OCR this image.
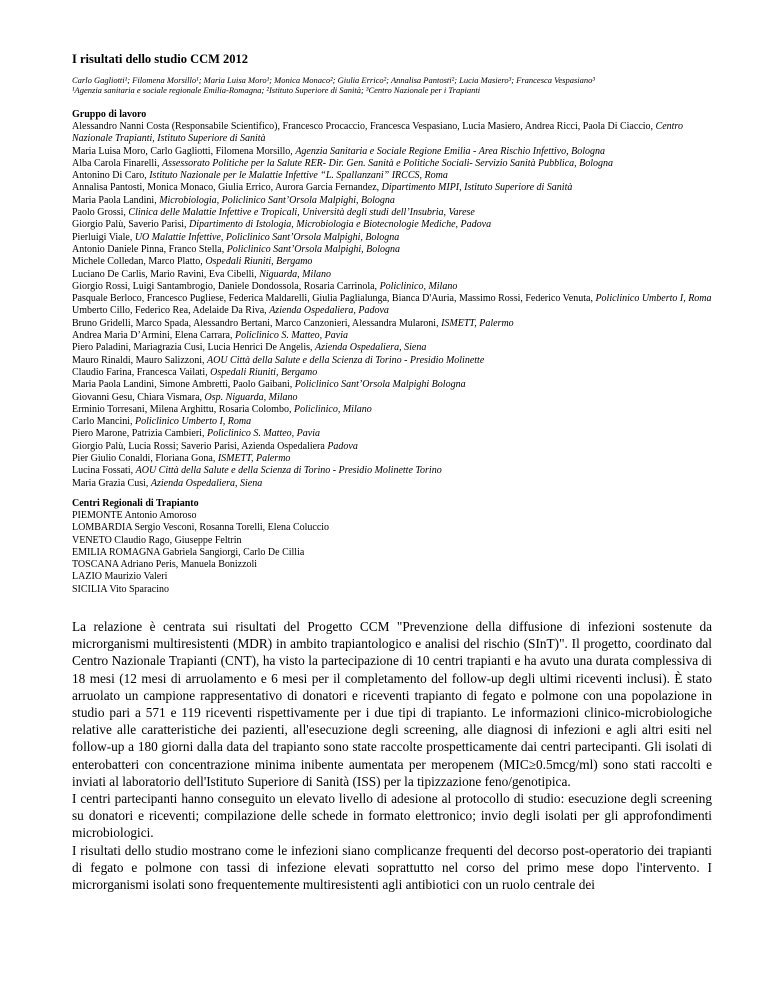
I risultati dello studio CCM 2012
Carlo Gagliotti¹; Filomena Morsillo¹; Maria Luisa Moro¹; Monica Monaco²; Giulia Errico²; Annalisa Pantosti²; Lucia Masiero³; Francesca Vespasiano³
¹Agenzia sanitaria e sociale regionale Emilia-Romagna; ²Istituto Superiore di Sanità; ³Centro Nazionale per i Trapianti
Gruppo di lavoro
Alessandro Nanni Costa (Responsabile Scientifico), Francesco Procaccio, Francesca Vespasiano, Lucia Masiero, Andrea Ricci, Paola Di Ciaccio, Centro Nazionale Trapianti, Istituto Superiore di Sanità
Maria Luisa Moro, Carlo Gagliotti, Filomena Morsillo, Agenzia Sanitaria e Sociale Regione Emilia - Area Rischio Infettivo, Bologna
Alba Carola Finarelli, Assessorato Politiche per la Salute RER- Dir. Gen. Sanità e Politiche Sociali- Servizio Sanità Pubblica, Bologna
Antonino Di Caro, Istituto Nazionale per le Malattie Infettive “L. Spallanzani” IRCCS, Roma
Annalisa Pantosti, Monica Monaco, Giulia Errico, Aurora Garcia Fernandez, Dipartimento MIPI, Istituto Superiore di Sanità
Maria Paola Landini, Microbiologia, Policlinico Sant’Orsola Malpighi, Bologna
Paolo Grossi, Clinica delle Malattie Infettive e Tropicali, Università degli studi dell’Insubria, Varese
Giorgio Palù, Saverio Parisi, Dipartimento di Istologia, Microbiologia e Biotecnologie Mediche, Padova
Pierluigi Viale, UO Malattie Infettive, Policlinico Sant’Orsola Malpighi, Bologna
Antonio Daniele Pinna, Franco Stella, Policlinico Sant’Orsola Malpighi, Bologna
Michele Colledan, Marco Platto, Ospedali Riuniti, Bergamo
Luciano De Carlis, Mario Ravini, Eva Cibelli, Niguarda, Milano
Giorgio Rossi, Luigi Santambrogio, Daniele Dondossola, Rosaria Carrinola, Policlinico, Milano
Pasquale Berloco, Francesco Pugliese, Federica Maldarelli, Giulia Paglialunga, Bianca D'Auria, Massimo Rossi, Federico Venuta, Policlinico Umberto I, Roma
Umberto Cillo, Federico Rea, Adelaide Da Riva, Azienda Ospedaliera, Padova
Bruno Gridelli, Marco Spada, Alessandro Bertani, Marco Canzonieri, Alessandra Mularoni, ISMETT, Palermo
Andrea Maria D’Armini, Elena Carrara, Policlinico S. Matteo, Pavia
Piero Paladini, Mariagrazia Cusi, Lucia Henrici De Angelis, Azienda Ospedaliera, Siena
Mauro Rinaldi, Mauro Salizzoni, AOU Città della Salute e della Scienza di Torino - Presidio Molinette
Claudio Farina, Francesca Vailati, Ospedali Riuniti, Bergamo
Maria Paola Landini, Simone Ambretti, Paolo Gaibani, Policlinico Sant’Orsola Malpighi Bologna
Giovanni Gesu, Chiara Vismara, Osp. Niguarda, Milano
Erminio Torresani, Milena Arghittu, Rosaria Colombo, Policlinico, Milano
Carlo Mancini, Policlinico Umberto I, Roma
Piero Marone, Patrizia Cambieri, Policlinico S. Matteo, Pavia
Giorgio Palù, Lucia Rossi; Saverio Parisi, Azienda Ospedaliera Padova
Pier Giulio Conaldi, Floriana Gona, ISMETT, Palermo
Lucina Fossati, AOU Città della Salute e della Scienza di Torino - Presidio Molinette Torino
Maria Grazia Cusi, Azienda Ospedaliera, Siena
Centri Regionali di Trapianto
PIEMONTE Antonio Amoroso
LOMBARDIA Sergio Vesconi, Rosanna Torelli, Elena Coluccio
VENETO Claudio Rago, Giuseppe Feltrin
EMILIA ROMAGNA Gabriela Sangiorgi, Carlo De Cillia
TOSCANA Adriano Peris, Manuela Bonizzoli
LAZIO Maurizio Valeri
SICILIA Vito Sparacino

La relazione è centrata sui risultati del Progetto CCM "Prevenzione della diffusione di infezioni sostenute da microrganismi multiresistenti (MDR) in ambito trapiantologico e analisi del rischio (SInT)". Il progetto, coordinato dal Centro Nazionale Trapianti (CNT), ha visto la partecipazione di 10 centri trapianti e ha avuto una durata complessiva di 18 mesi (12 mesi di arruolamento e 6 mesi per il completamento del follow-up degli ultimi riceventi inclusi). È stato arruolato un campione rappresentativo di donatori e riceventi trapianto di fegato e polmone con una popolazione in studio pari a 571 e 119 riceventi rispettivamente per i due tipi di trapianto. Le informazioni clinico-microbiologiche relative alle caratteristiche dei pazienti, all'esecuzione degli screening, alle diagnosi di infezioni e agli altri esiti nel follow-up a 180 giorni dalla data del trapianto sono state raccolte prospetticamente dai centri partecipanti. Gli isolati di enterobatteri con concentrazione minima inibente aumentata per meropenem (MIC≥0.5mcg/ml) sono stati raccolti e inviati al laboratorio dell'Istituto Superiore di Sanità (ISS) per la tipizzazione feno/genotipica.

I centri partecipanti hanno conseguito un elevato livello di adesione al protocollo di studio: esecuzione degli screening su donatori e riceventi; compilazione delle schede in formato elettronico; invio degli isolati per gli approfondimenti microbiologici.

I risultati dello studio mostrano come le infezioni siano complicanze frequenti del decorso post-operatorio dei trapianti di fegato e polmone con tassi di infezione elevati soprattutto nel corso del primo mese dopo l'intervento. I microrganismi isolati sono frequentemente multiresistenti agli antibiotici con un ruolo centrale dei
